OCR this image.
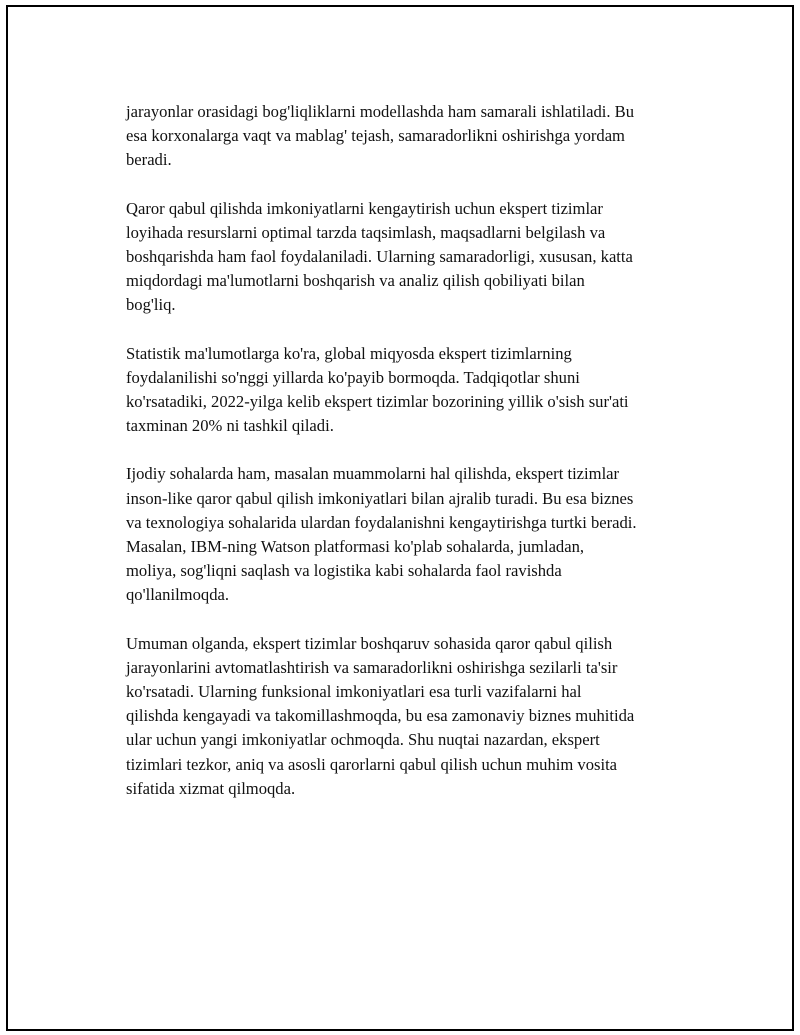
jarayonlar orasidagi bog'liqliklarni modellashda ham samarali ishlatiladi. Bu
esa korxonalarga vaqt va mablag' tejash, samaradorlikni oshirishga yordam
beradi.

Qaror qabul qilishda imkoniyatlarni kengaytirish uchun ekspert tizimlar
loyihada resurslarni optimal tarzda taqsimlash, maqsadlarni belgilash va
boshqarishda ham faol foydalaniladi. Ularning samaradorligi, xususan, katta
miqdordagi ma'lumotlarni boshqarish va analiz qilish qobiliyati bilan
bog'liq.

Statistik ma'lumotlarga ko'ra, global miqyosda ekspert tizimlarning
foydalanilishi so'nggi yillarda ko'payib bormoqda. Tadqiqotlar shuni
ko'rsatadiki, 2022-yilga kelib ekspert tizimlar bozorining yillik o'sish sur'ati
taxminan 20% ni tashkil qiladi.

Ijodiy sohalarda ham, masalan muammolarni hal qilishda, ekspert tizimlar
inson-like qaror qabul qilish imkoniyatlari bilan ajralib turadi. Bu esa biznes
va texnologiya sohalarida ulardan foydalanishni kengaytirishga turtki beradi.
Masalan, IBM-ning Watson platformasi ko'plab sohalarda, jumladan,
moliya, sog'liqni saqlash va logistika kabi sohalarda faol ravishda
qo'llanilmoqda.

Umuman olganda, ekspert tizimlar boshqaruv sohasida qaror qabul qilish
jarayonlarini avtomatlashtirish va samaradorlikni oshirishga sezilarli ta'sir
ko'rsatadi. Ularning funksional imkoniyatlari esa turli vazifalarni hal
qilishda kengayadi va takomillashmoqda, bu esa zamonaviy biznes muhitida
ular uchun yangi imkoniyatlar ochmoqda. Shu nuqtai nazardan, ekspert
tizimlari tezkor, aniq va asosli qarorlarni qabul qilish uchun muhim vosita
sifatida xizmat qilmoqda.
